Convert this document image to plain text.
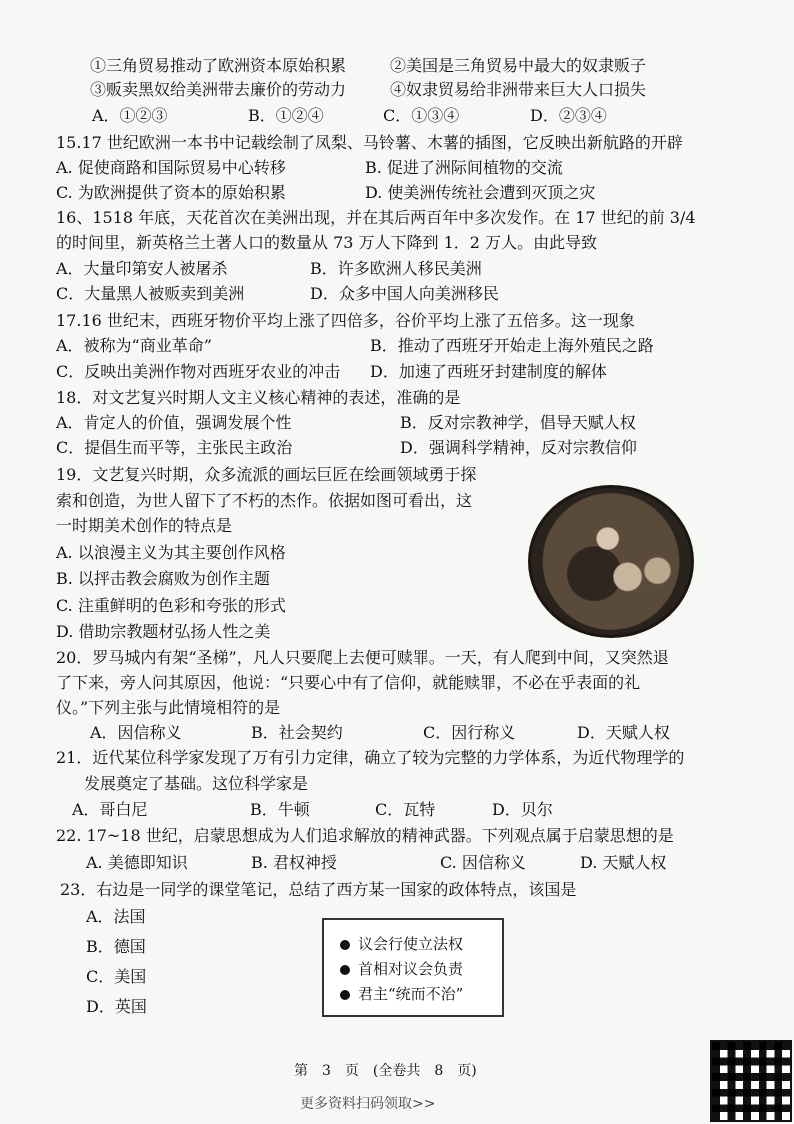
①三角贸易推动了欧洲资本原始积累	②美国是三角贸易中最大的奴隶贩子
③贩卖黑奴给美洲带去廉价的劳动力	④奴隶贸易给非洲带来巨大人口损失
A．①②③	B．①②④	C．①③④	D．②③④
15.17 世纪欧洲一本书中记载绘制了凤梨、马铃薯、木薯的插图，它反映出新航路的开辟
A. 促使商路和国际贸易中心转移	B. 促进了洲际间植物的交流
C. 为欧洲提供了资本的原始积累	D. 使美洲传统社会遭到灭顶之灾
16、1518 年底，天花首次在美洲出现，并在其后两百年中多次发作。在 17 世纪的前 3/4
的时间里，新英格兰土著人口的数量从 73 万人下降到 1．2 万人。由此导致
A．大量印第安人被屠杀	B．许多欧洲人移民美洲
C．大量黑人被贩卖到美洲	D．众多中国人向美洲移民
17.16 世纪末，西班牙物价平均上涨了四倍多，谷价平均上涨了五倍多。这一现象
A．被称为“商业革命”	B．推动了西班牙开始走上海外殖民之路
C．反映出美洲作物对西班牙农业的冲击 D．加速了西班牙封建制度的解体
18．对文艺复兴时期人文主义核心精神的表述，准确的是
A．肯定人的价值，强调发展个性	B．反对宗教神学，倡导天赋人权
C．提倡生而平等，主张民主政治	D．强调科学精神，反对宗教信仰
19．文艺复兴时期，众多流派的画坛巨匠在绘画领域勇于探
索和创造，为世人留下了不朽的杰作。依据如图可看出，这
一时期美术创作的特点是
A. 以浪漫主义为其主要创作风格
B. 以抨击教会腐败为创作主题
C. 注重鲜明的色彩和夸张的形式
D. 借助宗教题材弘扬人性之美
20．罗马城内有架“圣梯”，凡人只要爬上去便可赎罪。一天，有人爬到中间，又突然退
了下来，旁人问其原因，他说：“只要心中有了信仰，就能赎罪，不必在乎表面的礼
仪。”下列主张与此情境相符的是
A．因信称义	B．社会契约	C．因行称义	D．天赋人权
21．近代某位科学家发现了万有引力定律，确立了较为完整的力学体系，为近代物理学的
发展奠定了基础。这位科学家是
A．哥白尼	B．牛顿	C．瓦特	D．贝尔
22. 17~18 世纪，启蒙思想成为人们追求解放的精神武器。下列观点属于启蒙思想的是
A. 美德即知识	B. 君权神授	C. 因信称义	D. 天赋人权
23．右边是一同学的课堂笔记，总结了西方某一国家的政体特点，该国是
A．法国
B．德国
C．美国
D．英国
议会行使立法权
首相对议会负责
君主“统而不治”
第　3　页　(全卷共　8　页)
更多资料扫码领取>>
